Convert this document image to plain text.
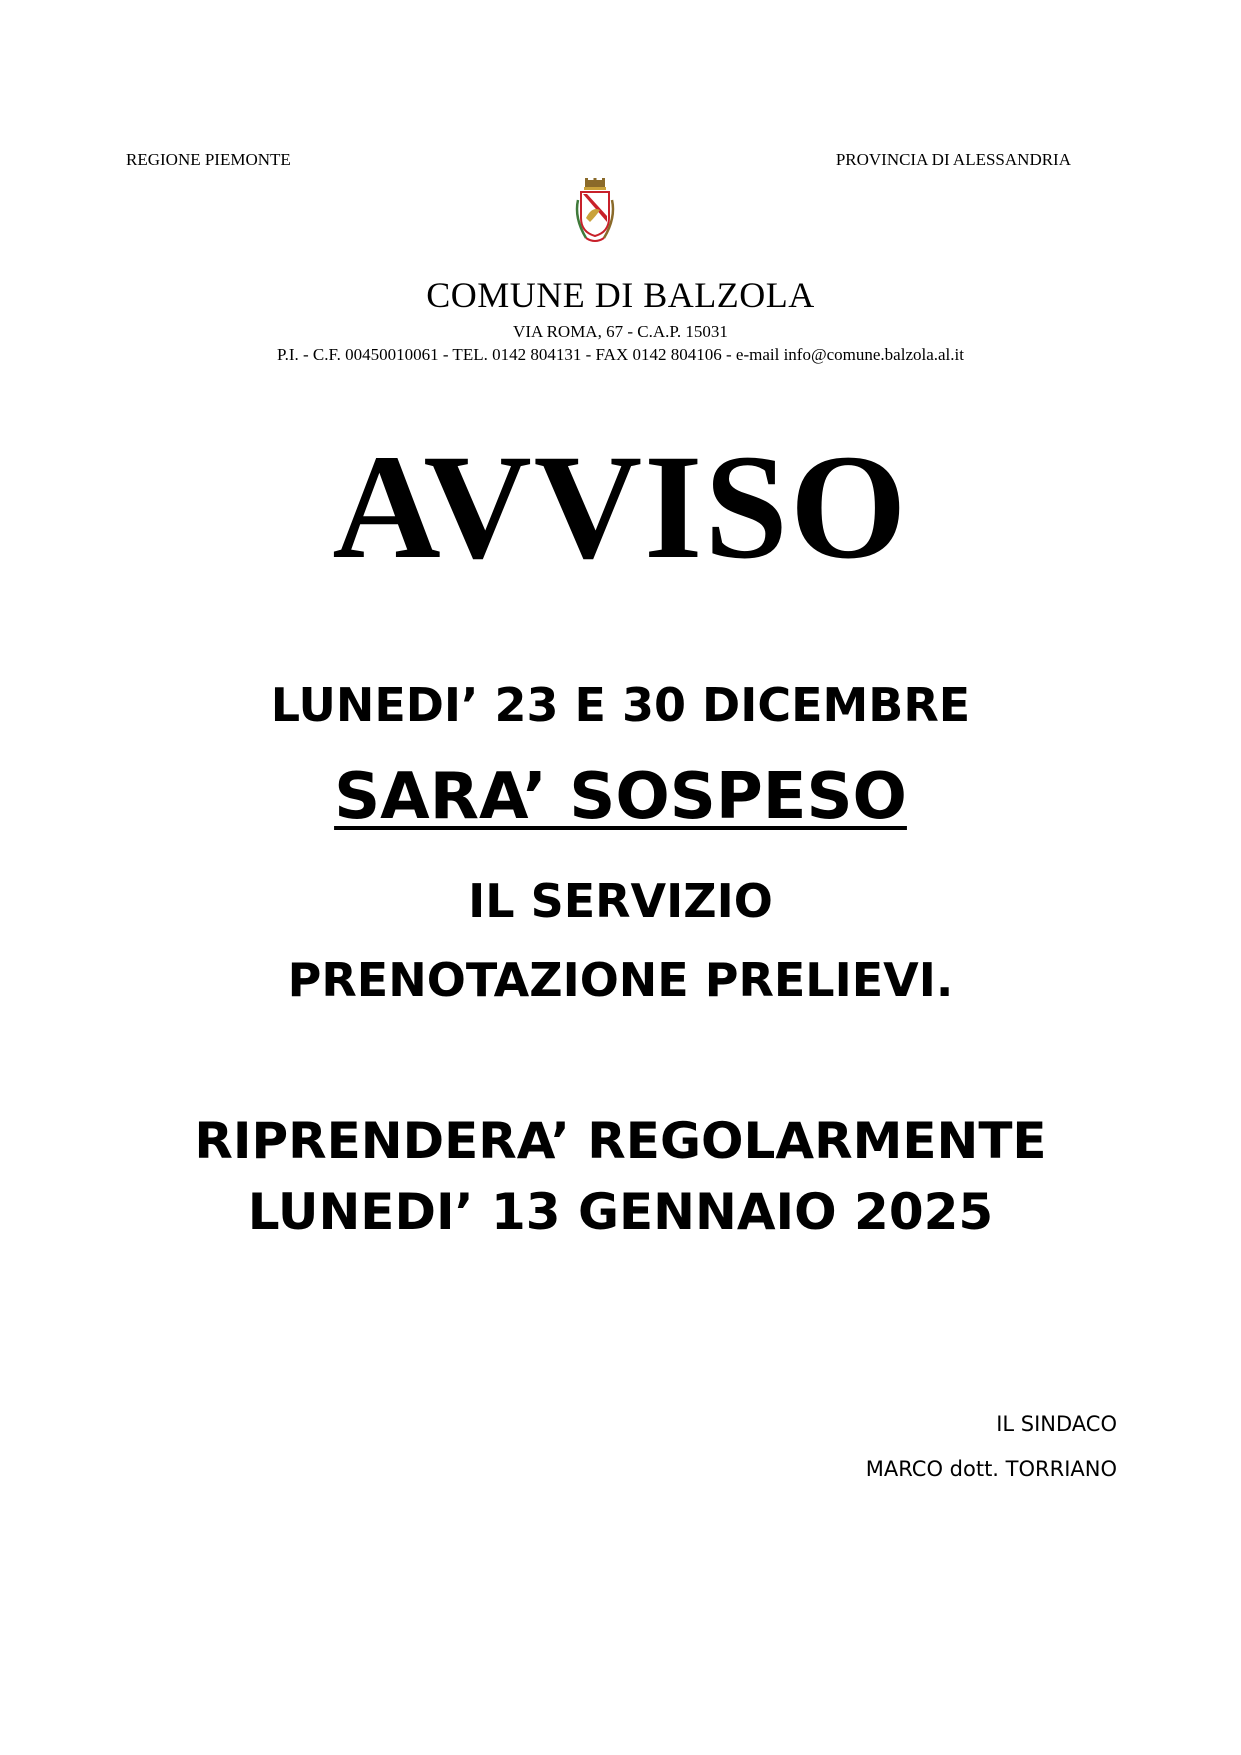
REGIONE PIEMONTE	PROVINCIA DI ALESSANDRIA
COMUNE DI BALZOLA
VIA ROMA, 67 - C.A.P. 15031
P.I. - C.F. 00450010061 - TEL. 0142 804131 - FAX 0142 804106 - e-mail info@comune.balzola.al.it
AVVISO
LUNEDI’ 23 E 30 DICEMBRE
SARA’ SOSPESO
IL SERVIZIO
PRENOTAZIONE PRELIEVI.
RIPRENDERA’ REGOLARMENTE
LUNEDI’ 13 GENNAIO 2025
IL SINDACO
MARCO dott. TORRIANO
